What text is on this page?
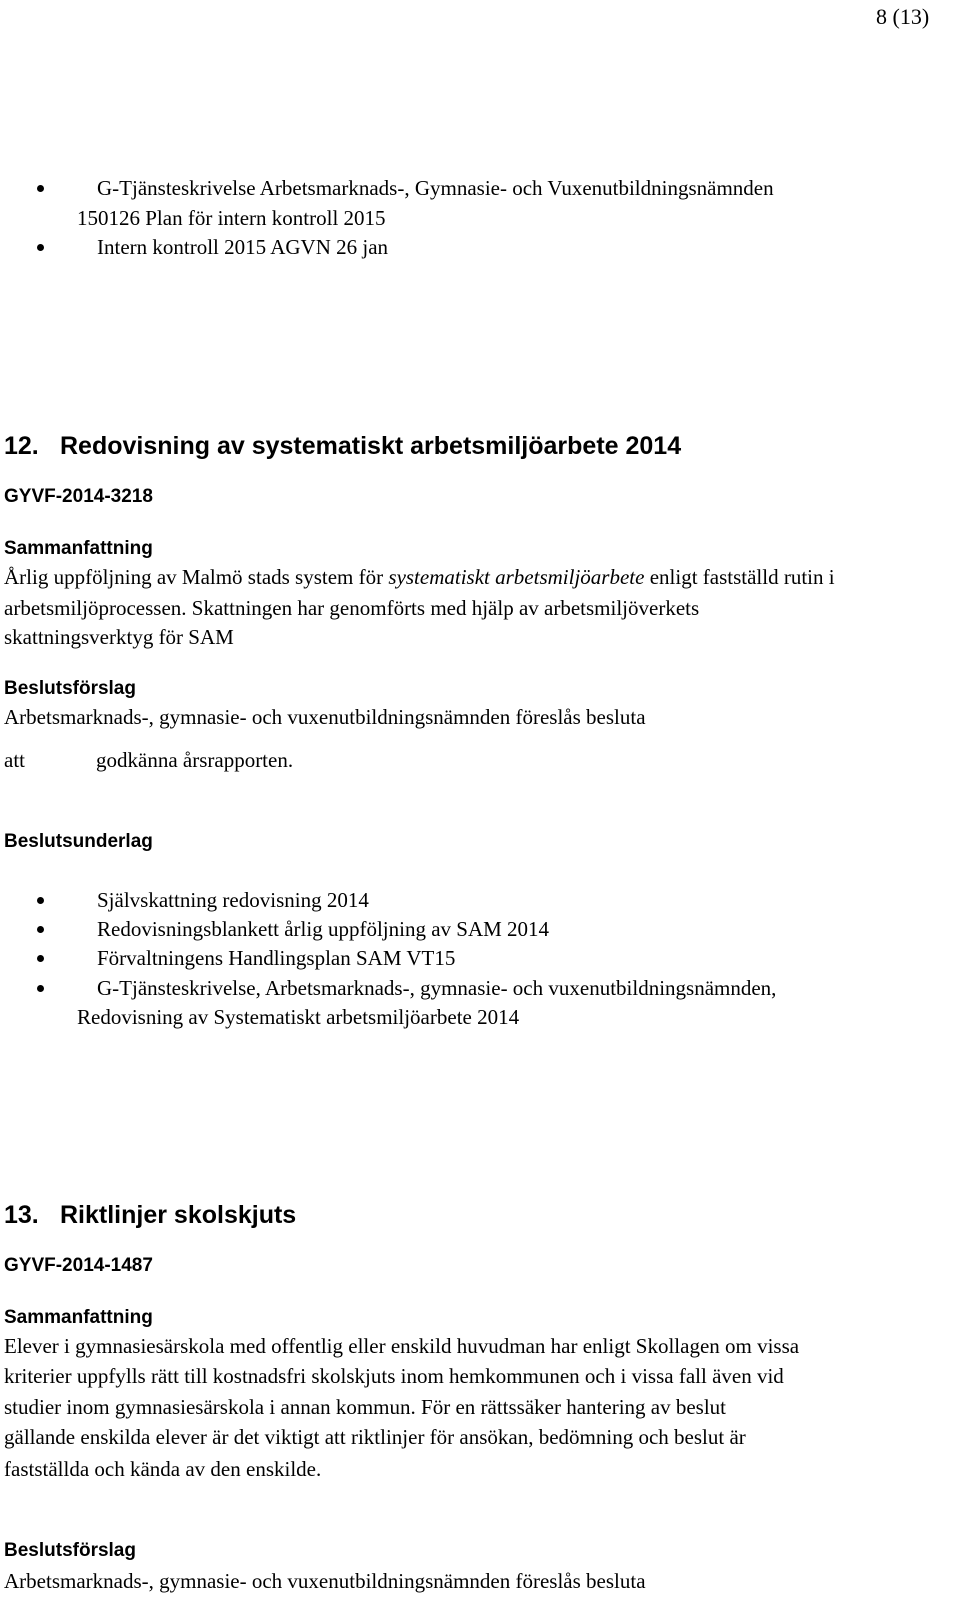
8 (13)
G-Tjänsteskrivelse Arbetsmarknads-, Gymnasie- och Vuxenutbildningsnämnden
150126 Plan för intern kontroll 2015
Intern kontroll 2015 AGVN 26 jan
12. Redovisning av systematiskt arbetsmiljöarbete 2014
GYVF-2014-3218
Sammanfattning
Årlig uppföljning av Malmö stads system för systematiskt arbetsmiljöarbete enligt fastställd rutin i
arbetsmiljöprocessen. Skattningen har genomförts med hjälp av arbetsmiljöverkets
skattningsverktyg för SAM
Beslutsförslag
Arbetsmarknads-, gymnasie- och vuxenutbildningsnämnden föreslås besluta
att	godkänna årsrapporten.
Beslutsunderlag
Självskattning redovisning 2014
Redovisningsblankett årlig uppföljning av SAM 2014
Förvaltningens Handlingsplan SAM VT15
G-Tjänsteskrivelse, Arbetsmarknads-, gymnasie- och vuxenutbildningsnämnden,
Redovisning av Systematiskt arbetsmiljöarbete 2014
13. Riktlinjer skolskjuts
GYVF-2014-1487
Sammanfattning
Elever i gymnasiesärskola med offentlig eller enskild huvudman har enligt Skollagen om vissa
kriterier uppfylls rätt till kostnadsfri skolskjuts inom hemkommunen och i vissa fall även vid
studier inom gymnasiesärskola i annan kommun. För en rättssäker hantering av beslut
gällande enskilda elever är det viktigt att riktlinjer för ansökan, bedömning och beslut är
fastställda och kända av den enskilde.
Beslutsförslag
Arbetsmarknads-, gymnasie- och vuxenutbildningsnämnden föreslås besluta
